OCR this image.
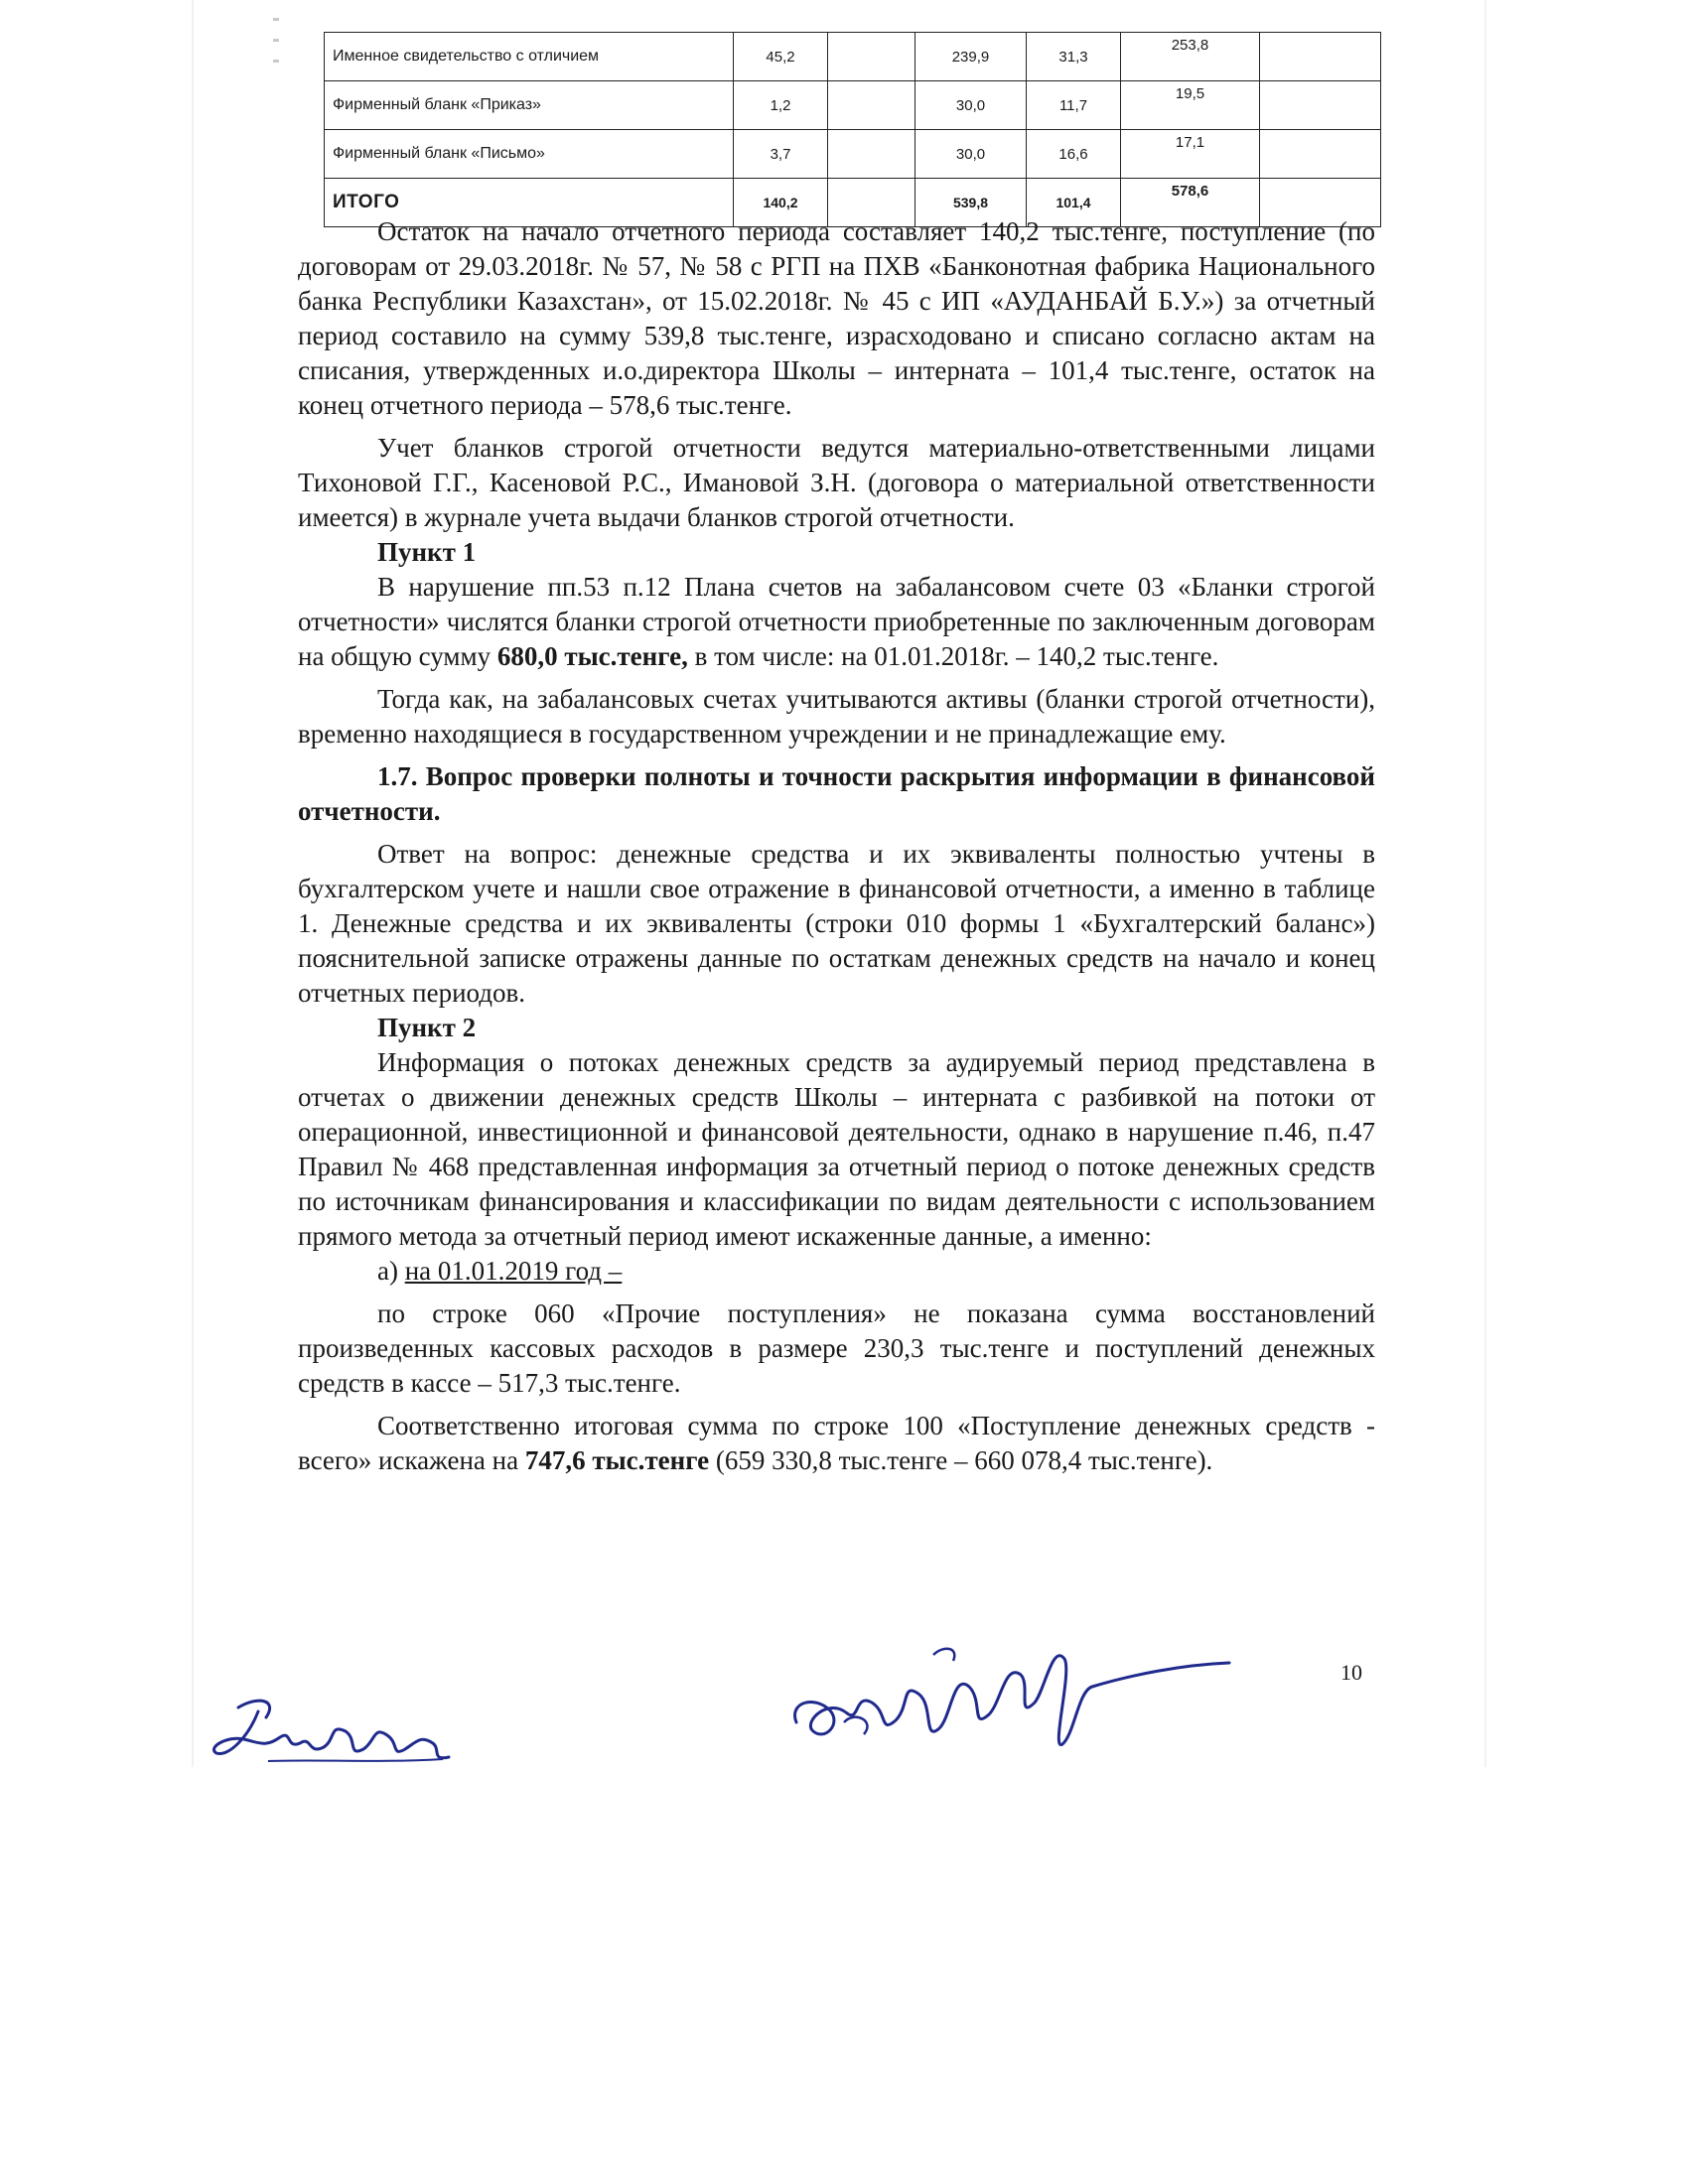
Именное свидетельство с отличием	45,2		239,9	31,3	253,8	
Фирменный бланк «Приказ»	1,2		30,0	11,7	19,5	
Фирменный бланк «Письмо»	3,7		30,0	16,6	17,1	
ИТОГО	140,2		539,8	101,4	578,6	

Остаток на начало отчетного периода составляет 140,2 тыс.тенге, поступление (по договорам от 29.03.2018г. № 57, № 58 с РГП на ПХВ «Банконотная фабрика Национального банка Республики Казахстан», от 15.02.2018г. № 45 с ИП «АУДАНБАЙ Б.У.») за отчетный период составило на сумму 539,8 тыс.тенге, израсходовано и списано согласно актам на списания, утвержденных и.о.директора Школы – интерната – 101,4 тыс.тенге, остаток на конец отчетного периода – 578,6 тыс.тенге.

Учет бланков строгой отчетности ведутся материально-ответственными лицами Тихоновой Г.Г., Касеновой Р.С., Имановой З.Н. (договора о материальной ответственности имеется) в журнале учета выдачи бланков строгой отчетности.

Пункт 1

В нарушение пп.53 п.12 Плана счетов на забалансовом счете 03 «Бланки строгой отчетности» числятся бланки строгой отчетности приобретенные по заключенным договорам на общую сумму 680,0 тыс.тенге, в том числе: на 01.01.2018г. – 140,2 тыс.тенге.

Тогда как, на забалансовых счетах учитываются активы (бланки строгой отчетности), временно находящиеся в государственном учреждении и не принадлежащие ему.

1.7. Вопрос проверки полноты и точности раскрытия информации в финансовой отчетности.

Ответ на вопрос: денежные средства и их эквиваленты полностью учтены в бухгалтерском учете и нашли свое отражение в финансовой отчетности, а именно в таблице 1. Денежные средства и их эквиваленты (строки 010 формы 1 «Бухгалтерский баланс») пояснительной записке отражены данные по остаткам денежных средств на начало и конец отчетных периодов.

Пункт 2

Информация о потоках денежных средств за аудируемый период представлена в отчетах о движении денежных средств Школы – интерната с разбивкой на потоки от операционной, инвестиционной и финансовой деятельности, однако в нарушение п.46, п.47 Правил № 468 представленная информация за отчетный период о потоке денежных средств по источникам финансирования и классификации по видам деятельности с использованием прямого метода за отчетный период имеют искаженные данные, а именно:

а) на 01.01.2019 год –

по строке 060 «Прочие поступления» не показана сумма восстановлений произведенных кассовых расходов в размере 230,3 тыс.тенге и поступлений денежных средств в кассе – 517,3 тыс.тенге.

Соответственно итоговая сумма по строке 100 «Поступление денежных средств - всего» искажена на 747,6 тыс.тенге (659 330,8 тыс.тенге – 660 078,4 тыс.тенге).

10
